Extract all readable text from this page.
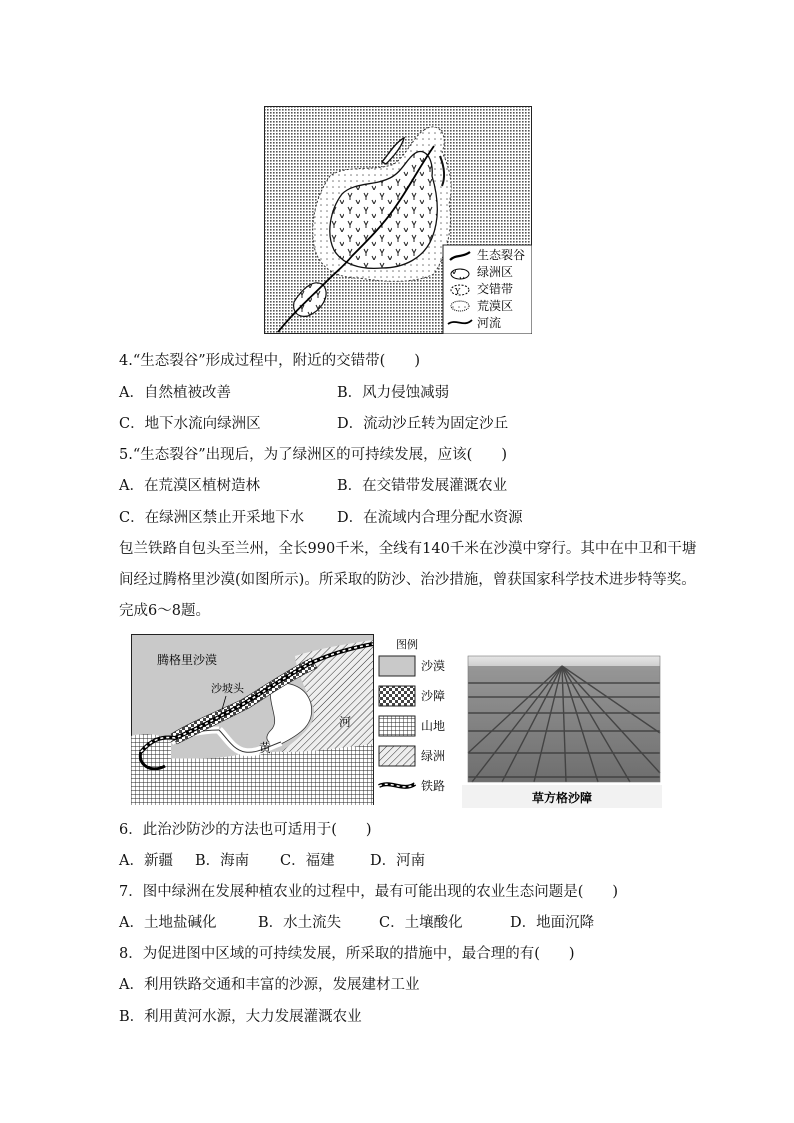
Y
生态裂谷
绿洲区
交错带
荒漠区
河流
4.“生态裂谷”形成过程中，附近的交错带(　　)
A．自然植被改善	B．风力侵蚀减弱
C．地下水流向绿洲区	D．流动沙丘转为固定沙丘
5.“生态裂谷”出现后，为了绿洲区的可持续发展，应该(　　)
A．在荒漠区植树造林	B．在交错带发展灌溉农业
C．在绿洲区禁止开采地下水 D．在流域内合理分配水资源
包兰铁路自包头至兰州，全长990千米，全线有140千米在沙漠中穿行。其中在中卫和干塘
间经过腾格里沙漠(如图所示)。所采取的防沙、治沙措施，曾获国家科学技术进步特等奖。
完成6～8题。
腾格里沙漠
沙坡头
黄
河
图例
沙漠
沙障
山地
绿洲
铁路
草方格沙障
6．此治沙防沙的方法也可适用于(　　)
A．新疆 B．海南 C．福建 D．河南
7．图中绿洲在发展种植农业的过程中，最有可能出现的农业生态问题是(　　)
A．土地盐碱化	B．水土流失	C．土壤酸化	D．地面沉降
8．为促进图中区域的可持续发展，所采取的措施中，最合理的有(　　)
A．利用铁路交通和丰富的沙源，发展建材工业
B．利用黄河水源，大力发展灌溉农业
